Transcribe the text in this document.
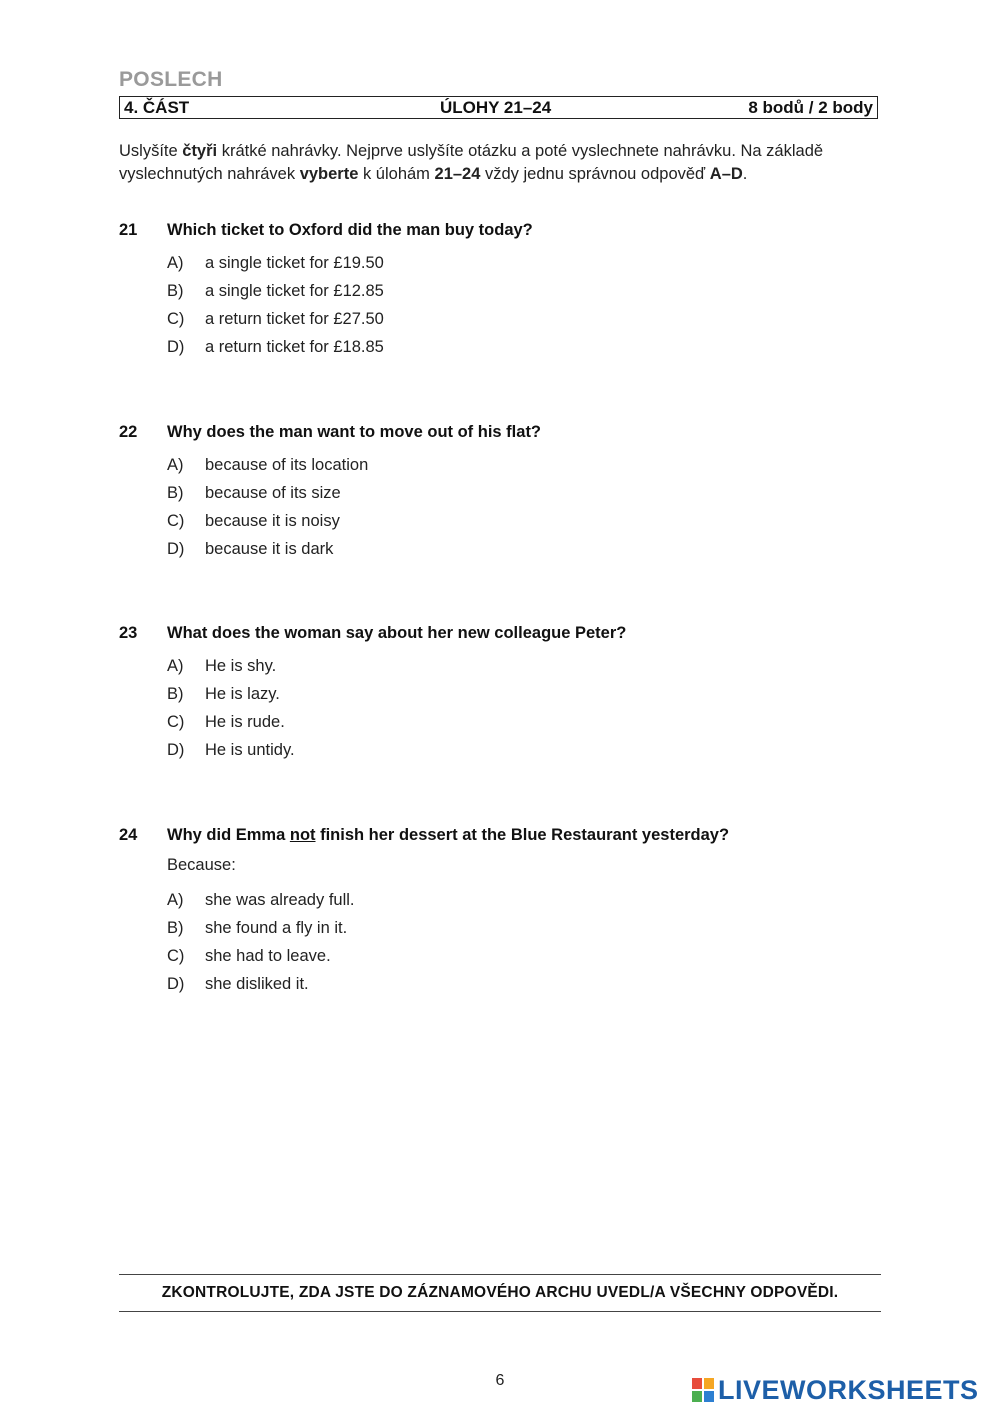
POSLECH
4. ČÁST	ÚLOHY 21–24	8 bodů / 2 body
Uslyšíte čtyři krátké nahrávky. Nejprve uslyšíte otázku a poté vyslechnete nahrávku. Na základě vyslechnutých nahrávek vyberte k úlohám 21–24 vždy jednu správnou odpověď A–D.
21	Which ticket to Oxford did the man buy today?
A)	a single ticket for £19.50
B)	a single ticket for £12.85
C)	a return ticket for £27.50
D)	a return ticket for £18.85
22	Why does the man want to move out of his flat?
A)	because of its location
B)	because of its size
C)	because it is noisy
D)	because it is dark
23	What does the woman say about her new colleague Peter?
A)	He is shy.
B)	He is lazy.
C)	He is rude.
D)	He is untidy.
24	Why did Emma not finish her dessert at the Blue Restaurant yesterday?
Because:
A)	she was already full.
B)	she found a fly in it.
C)	she had to leave.
D)	she disliked it.
ZKONTROLUJTE, ZDA JSTE DO ZÁZNAMOVÉHO ARCHU UVEDL/A VŠECHNY ODPOVĚDI.
6	LIVEWORKSHEETS
